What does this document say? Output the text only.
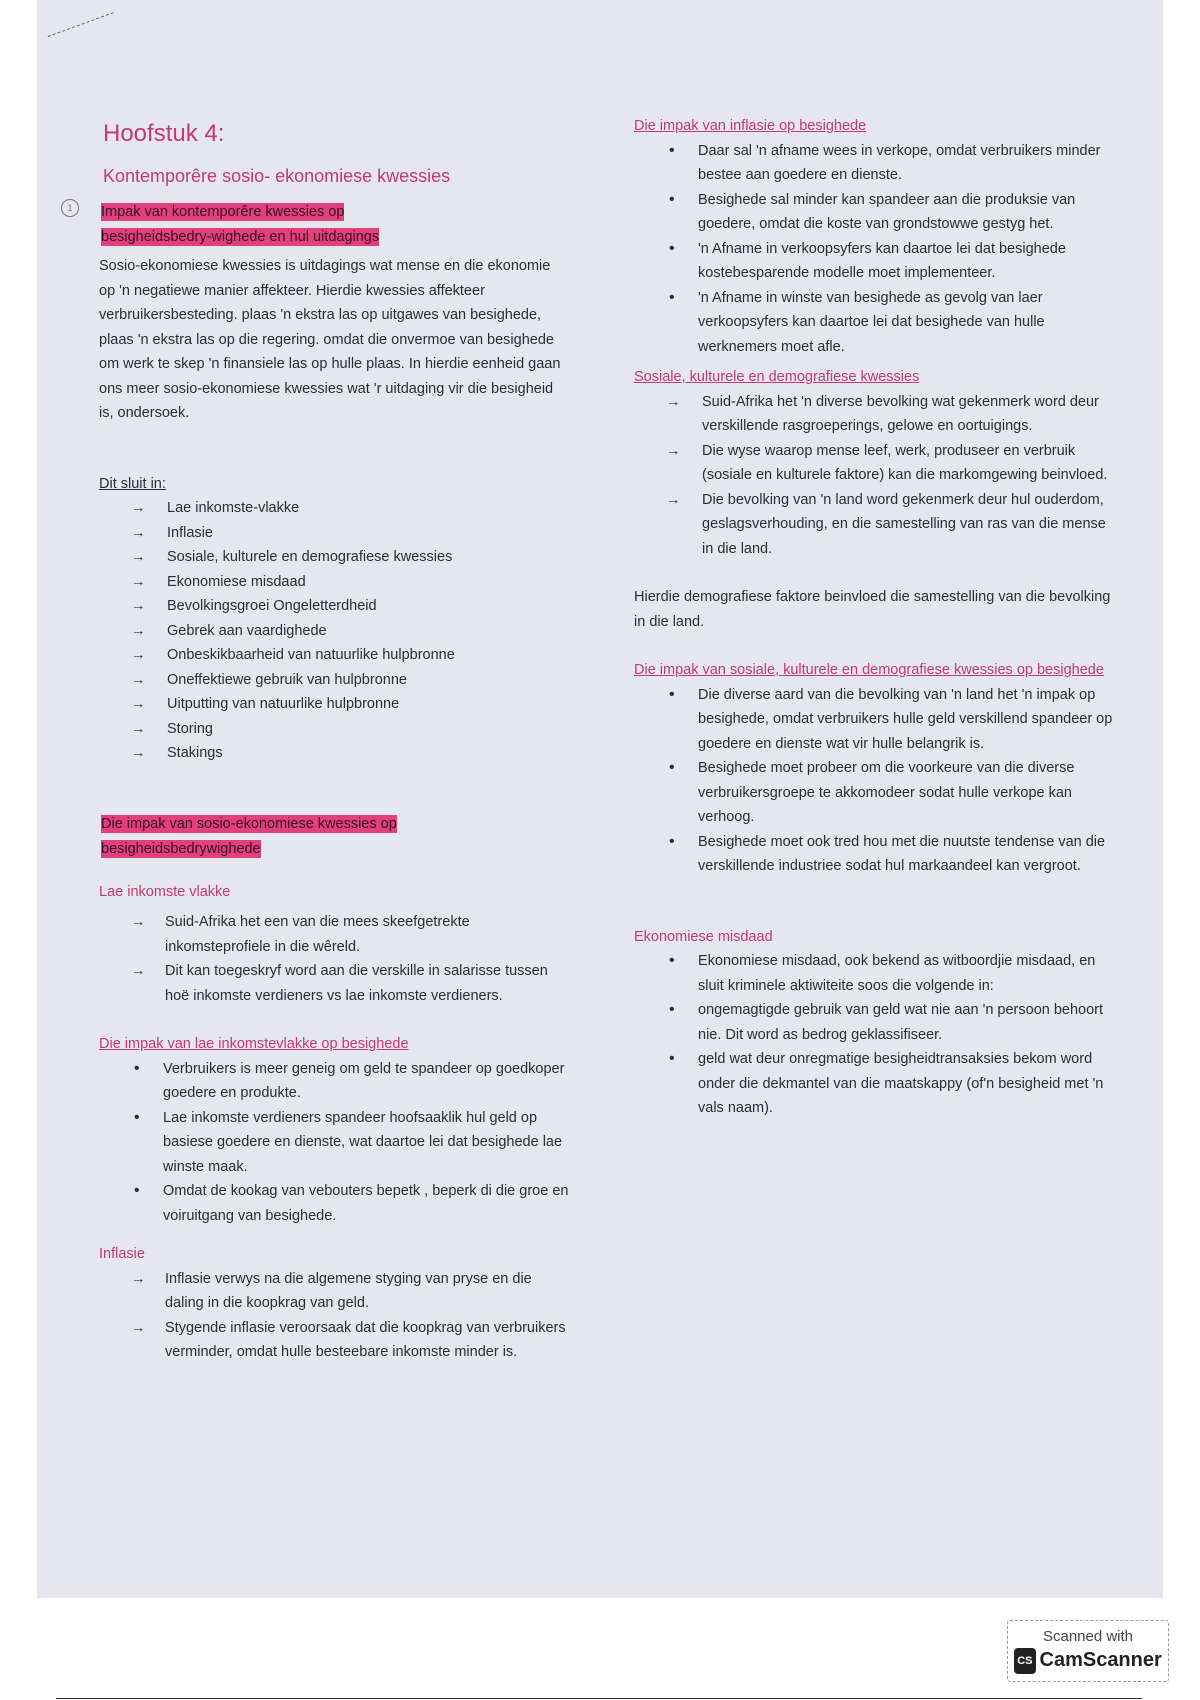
1
Hoofstuk 4:
Kontemporêre sosio- ekonomiese kwessies
Impak van kontemporêre kwessies op besigheidsbedry-wighede en hul uitdagings

Sosio-ekonomiese kwessies is uitdagings wat mense en die ekonomie op 'n negatiewe manier affekteer. Hierdie kwessies affekteer verbruikersbesteding. plaas 'n ekstra las op uitgawes van besighede, plaas 'n ekstra las op die regering. omdat die onvermoe van besighede om werk te skep 'n finansiele las op hulle plaas. In hierdie eenheid gaan ons meer sosio-ekonomiese kwessies wat 'r uitdaging vir die besigheid is, ondersoek.

Dit sluit in:

→ Lae inkomste-vlakke
→ Inflasie
→ Sosiale, kulturele en demografiese kwessies
→ Ekonomiese misdaad
→ Bevolkingsgroei Ongeletterdheid
→ Gebrek aan vaardighede
→ Onbeskikbaarheid van natuurlike hulpbronne
→ Oneffektiewe gebruik van hulpbronne
→ Uitputting van natuurlike hulpbronne
→ Storing
→ Stakings
Die impak van sosio-ekonomiese kwessies op besigheidsbedrywighede

Lae inkomste vlakke

→ Suid-Afrika het een van die mees skeefgetrekte inkomsteprofiele in die wêreld.
→ Dit kan toegeskryf word aan die verskille in salarisse tussen hoë inkomste verdieners vs lae inkomste verdieners.

Die impak van lae inkomstevlakke op besighede

• Verbruikers is meer geneig om geld te spandeer op goedkoper goedere en produkte.
• Lae inkomste verdieners spandeer hoofsaaklik hul geld op basiese goedere en dienste, wat daartoe lei dat besighede lae winste maak.
• Omdat de kookag van vebouters bepetk , beperk di die groe en voiruitgang van besighede.

Inflasie

→ Inflasie verwys na die algemene styging van pryse en die daling in die koopkrag van geld.
→ Stygende inflasie veroorsaak dat die koopkrag van verbruikers verminder, omdat hulle besteebare inkomste minder is.

Die impak van inflasie op besighede

• Daar sal 'n afname wees in verkope, omdat verbruikers minder bestee aan goedere en dienste.
• Besighede sal minder kan spandeer aan die produksie van goedere, omdat die koste van grondstowwe gestyg het.
• 'n Afname in verkoopsyfers kan daartoe lei dat besighede kostebesparende modelle moet implementeer.
• 'n Afname in winste van besighede as gevolg van laer verkoopsyfers kan daartoe lei dat besighede van hulle werknemers moet afle.

Sosiale, kulturele en demografiese kwessies

→ Suid-Afrika het 'n diverse bevolking wat gekenmerk word deur verskillende rasgroeperings, gelowe en oortuigings.
→ Die wyse waarop mense leef, werk, produseer en verbruik (sosiale en kulturele faktore) kan die markomgewing beinvloed.
→ Die bevolking van 'n land word gekenmerk deur hul ouderdom, geslagsverhouding, en die samestelling van ras van die mense in die land.

Hierdie demografiese faktore beinvloed die samestelling van die bevolking in die land.

Die impak van sosiale, kulturele en demografiese kwessies op besighede

• Die diverse aard van die bevolking van 'n land het 'n impak op besighede, omdat verbruikers hulle geld verskillend spandeer op goedere en dienste wat vir hulle belangrik is.
• Besighede moet probeer om die voorkeure van die diverse verbruikersgroepe te akkomodeer sodat hulle verkope kan verhoog.
• Besighede moet ook tred hou met die nuutste tendense van die verskillende industriee sodat hul markaandeel kan vergroot.

Ekonomiese misdaad

• Ekonomiese misdaad, ook bekend as witboordjie misdaad, en sluit kriminele aktiwiteite soos die volgende in:
• ongemagtigde gebruik van geld wat nie aan 'n persoon behoort nie. Dit word as bedrog geklassifiseer.
• geld wat deur onregmatige besigheidtransaksies bekom word onder die dekmantel van die maatskappy (of'n besigheid met 'n vals naam).
Scanned with
CS CamScanner
